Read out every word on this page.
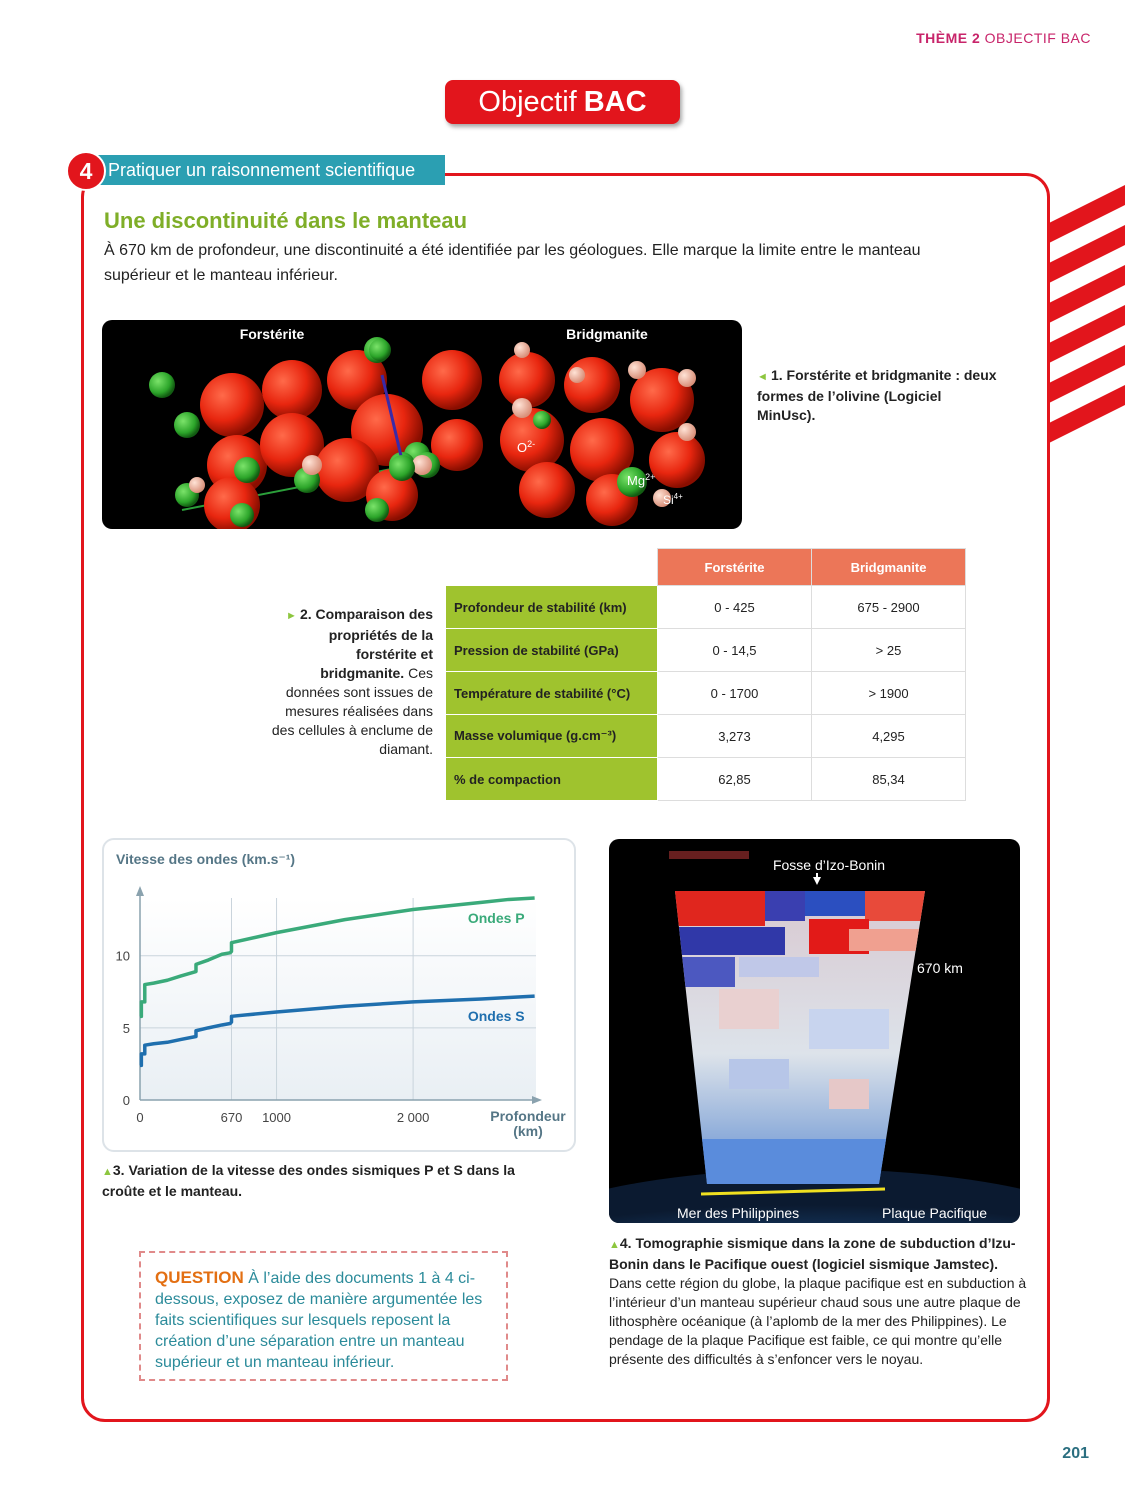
THÈME 2 OBJECTIF BAC
Objectif BAC
Pratiquer un raisonnement scientifique
4
Une discontinuité dans le manteau
À 670 km de profondeur, une discontinuité a été identifiée par les géologues. Elle marque la limite entre le manteau supérieur et le manteau inférieur.
Forstérite	Bridgmanite
$O^{2-}$
$Mg^{2+}$
$Si^{4+}$
◄ 1. Forstérite et bridgmanite : deux formes de l’olivine (Logiciel MinUsc).
► 2. Comparaison des propriétés de la forstérite et bridgmanite. Ces données sont issues de mesures réalisées dans des cellules à enclume de diamant.
	Forstérite	Bridgmanite
Profondeur de stabilité (km)	0 - 425	675 - 2900
Pression de stabilité (GPa)	0 - 14,5	> 25
Température de stabilité (°C)	0 - 1700	> 1900
Masse volumique (g.cm⁻³)	3,273	4,295
% de compaction	62,85	85,34
Vitesse des ondes (km.s⁻¹)
0
5
10
0	670 1000	2 000
Ondes P
Ondes S
Profondeur
(km)
▲3. Variation de la vitesse des ondes sismiques P et S dans la croûte et le manteau.
Fosse d’Izo-Bonin
670 km
Mer des Philippines	Plaque Pacifique
▲4. Tomographie sismique dans la zone de subduction d’Izu-Bonin dans le Pacifique ouest (logiciel sismique Jamstec). Dans cette région du globe, la plaque pacifique est en subduction à l’intérieur d’un manteau supérieur chaud sous une autre plaque de lithosphère océanique (à l’aplomb de la mer des Philippines). Le pendage de la plaque Pacifique est faible, ce qui montre qu’elle présente des difficultés à s’enfoncer vers le noyau.
QUESTION À l’aide des documents 1 à 4 ci-dessous, exposez de manière argumentée les faits scientifiques sur lesquels reposent la création d’une séparation entre un manteau supérieur et un manteau inférieur.
201
